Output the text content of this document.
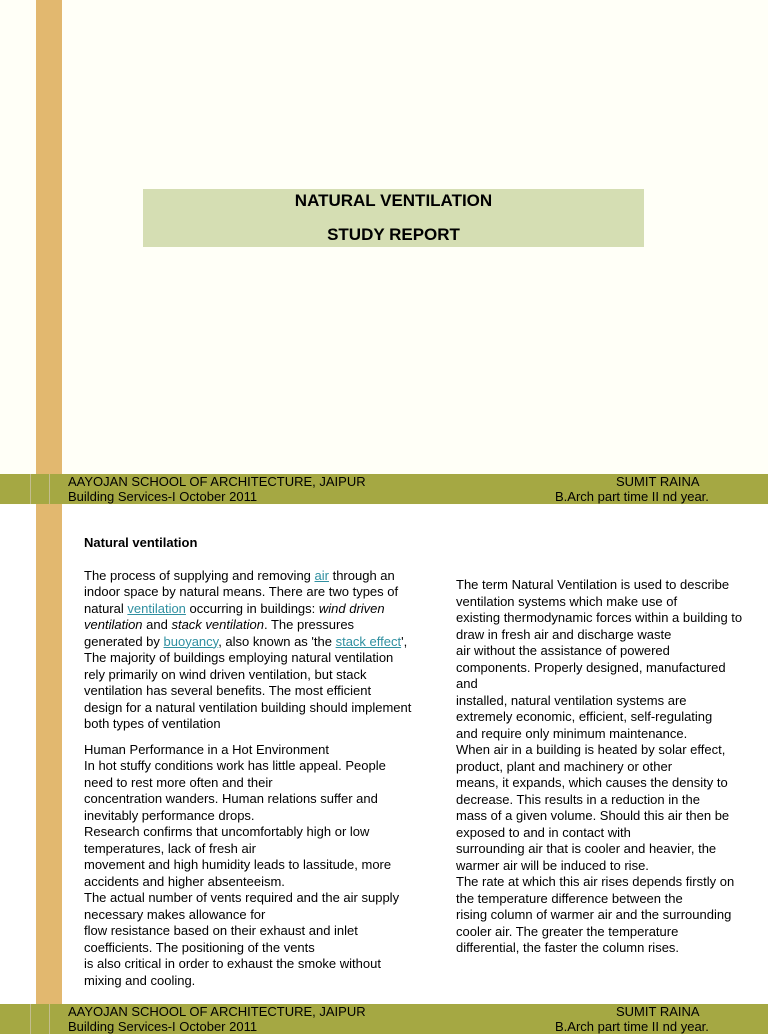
NATURAL VENTILATION
STUDY REPORT
AAYOJAN SCHOOL OF ARCHITECTURE, JAIPUR
Building Services-I October 2011
SUMIT RAINA
B.Arch part time II nd year.
Natural ventilation
The process of supplying and removing air through an
indoor space by natural means. There are two types of
natural ventilation occurring in buildings: wind driven
ventilation and stack ventilation. The pressures
generated by buoyancy, also known as 'the stack effect',
The majority of buildings employing natural ventilation
rely primarily on wind driven ventilation, but stack
ventilation has several benefits. The most efficient
design for a natural ventilation building should implement
both types of ventilation
Human Performance in a Hot Environment
In hot stuffy conditions work has little appeal. People
need to rest more often and their
concentration wanders. Human relations suffer and
inevitably performance drops.
Research confirms that uncomfortably high or low
temperatures, lack of fresh air
movement and high humidity leads to lassitude, more
accidents and higher absenteeism.
The actual number of vents required and the air supply
necessary makes allowance for
flow resistance based on their exhaust and inlet
coefficients. The positioning of the vents
is also critical in order to exhaust the smoke without
mixing and cooling.
The term Natural Ventilation is used to describe
ventilation systems which make use of
existing thermodynamic forces within a building to
draw in fresh air and discharge waste
air without the assistance of powered
components. Properly designed, manufactured
and
installed, natural ventilation systems are
extremely economic, efficient, self-regulating
and require only minimum maintenance.
When air in a building is heated by solar effect,
product, plant and machinery or other
means, it expands, which causes the density to
decrease. This results in a reduction in the
mass of a given volume. Should this air then be
exposed to and in contact with
surrounding air that is cooler and heavier, the
warmer air will be induced to rise.
The rate at which this air rises depends firstly on
the temperature difference between the
rising column of warmer air and the surrounding
cooler air. The greater the temperature
differential, the faster the column rises.
AAYOJAN SCHOOL OF ARCHITECTURE, JAIPUR
Building Services-I October 2011
SUMIT RAINA
B.Arch part time II nd year.
